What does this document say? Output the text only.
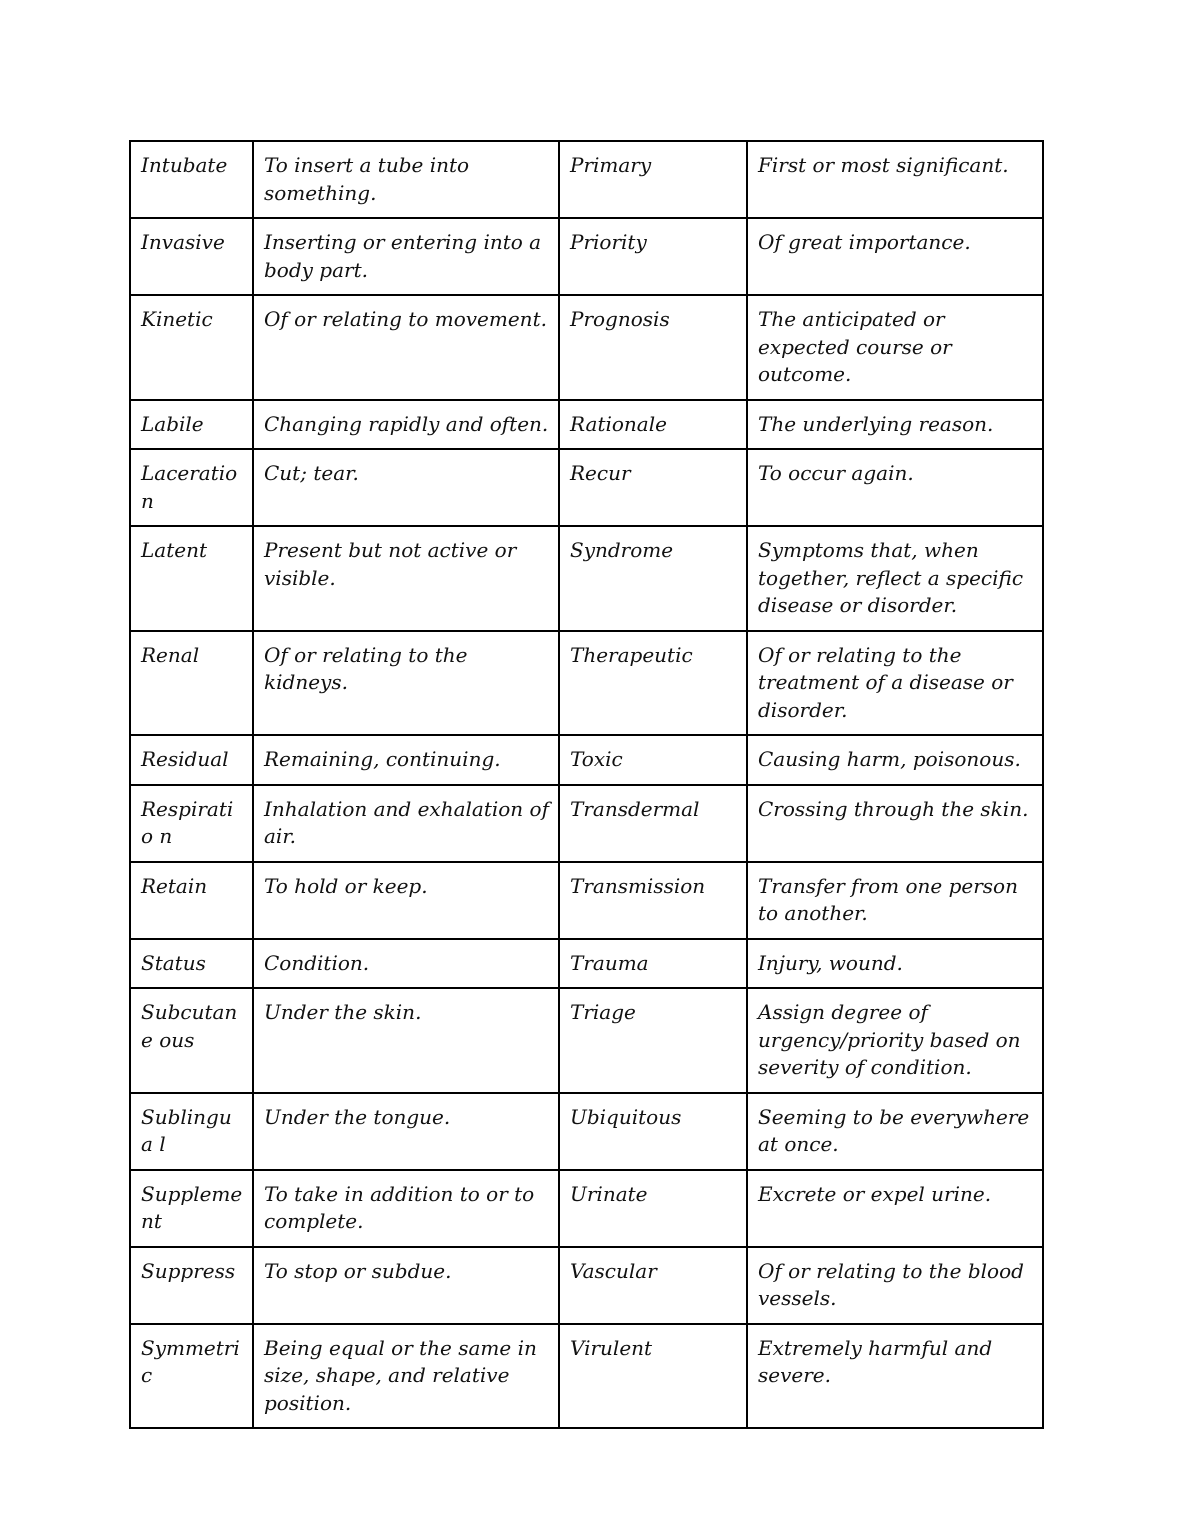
Intubate	To insert a tube into something.	Primary	First or most significant.
Invasive	Inserting or entering into a body part.	Priority	Of great importance.
Kinetic	Of or relating to movement.	Prognosis	The anticipated or expected course or outcome.
Labile	Changing rapidly and often.	Rationale	The underlying reason.
Laceratio n	Cut; tear.	Recur	To occur again.
Latent	Present but not active or visible.	Syndrome	Symptoms that, when together, reflect a specific disease or disorder.
Renal	Of or relating to the kidneys.	Therapeutic	Of or relating to the treatment of a disease or disorder.
Residual	Remaining, continuing.	Toxic	Causing harm, poisonous.
Respiratio n	Inhalation and exhalation of air.	Transdermal	Crossing through the skin.
Retain	To hold or keep.	Transmission	Transfer from one person to another.
Status	Condition.	Trauma	Injury, wound.
Subcutane ous	Under the skin.	Triage	Assign degree of urgency/priority based on severity of condition.
Sublingua l	Under the tongue.	Ubiquitous	Seeming to be everywhere at once.
Suppleme nt	To take in addition to or to complete.	Urinate	Excrete or expel urine.
Suppress	To stop or subdue.	Vascular	Of or relating to the blood vessels.
Symmetri c	Being equal or the same in size, shape, and relative position.	Virulent	Extremely harmful and severe.
